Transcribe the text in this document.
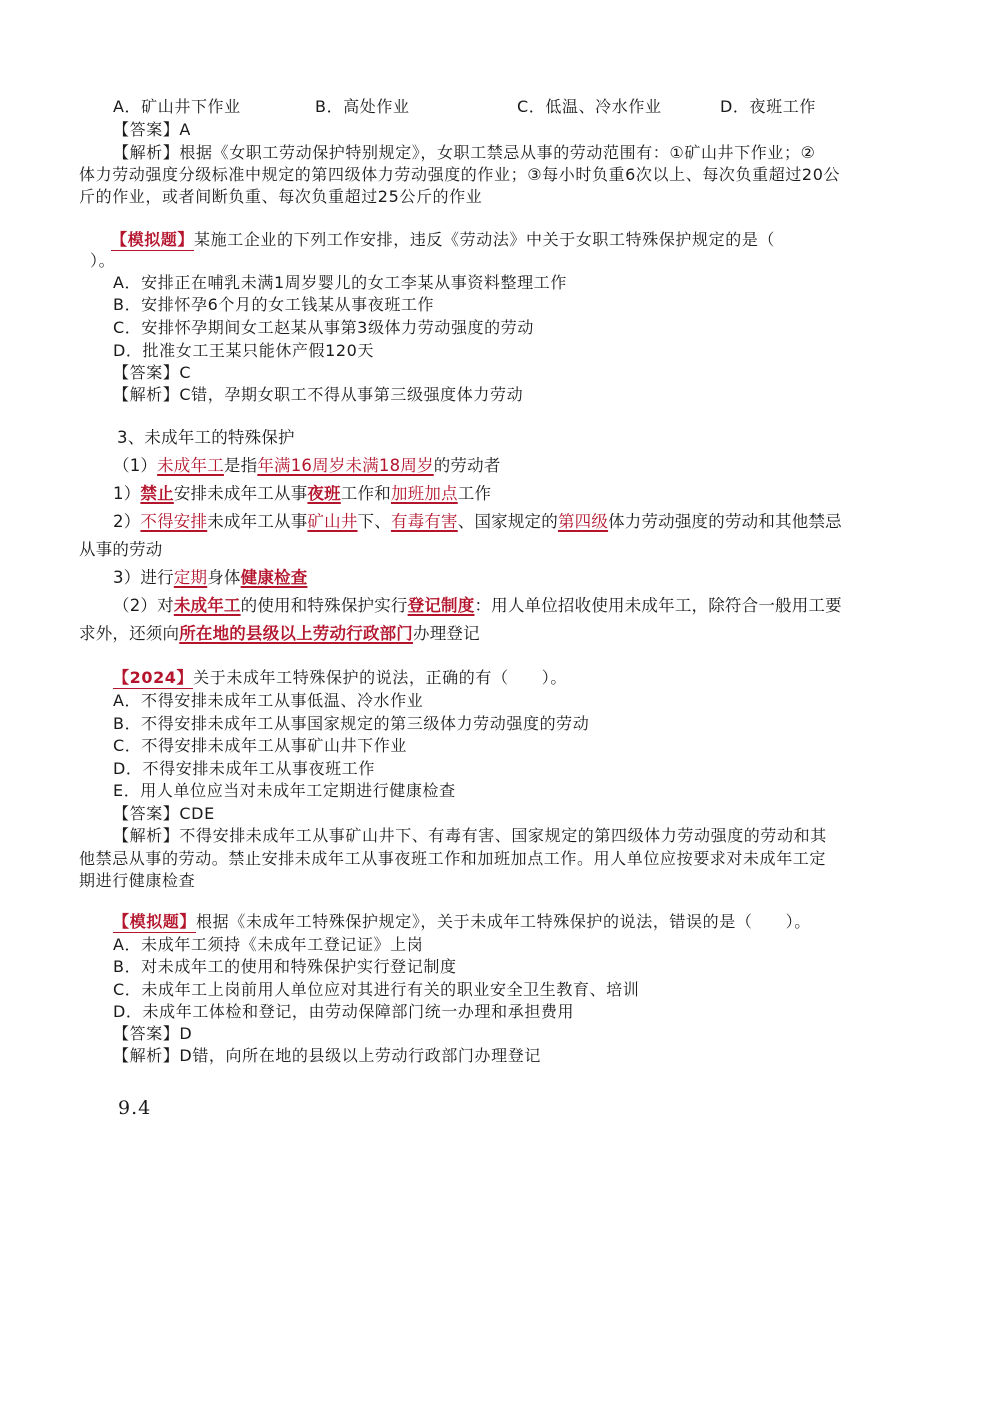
A．矿山井下作业	B．高处作业	C．低温、冷水作业	D．夜班工作
【答案】A
【解析】根据《女职工劳动保护特别规定》，女职工禁忌从事的劳动范围有：①矿山井下作业；②
体力劳动强度分级标准中规定的第四级体力劳动强度的作业；③每小时负重6次以上、每次负重超过20公
斤的作业，或者间断负重、每次负重超过25公斤的作业
【模拟题】某施工企业的下列工作安排，违反《劳动法》中关于女职工特殊保护规定的是（
）。
A．安排正在哺乳未满1周岁婴儿的女工李某从事资料整理工作
B．安排怀孕6个月的女工钱某从事夜班工作
C．安排怀孕期间女工赵某从事第3级体力劳动强度的劳动
D．批准女工王某只能休产假120天
【答案】C
【解析】C错，孕期女职工不得从事第三级强度体力劳动
3、未成年工的特殊保护
（1）未成年工是指年满16周岁未满18周岁的劳动者
1）禁止安排未成年工从事夜班工作和加班加点工作
2）不得安排未成年工从事矿山井下、有毒有害、国家规定的第四级体力劳动强度的劳动和其他禁忌
从事的劳动
3）进行定期身体健康检查
（2）对未成年工的使用和特殊保护实行登记制度：用人单位招收使用未成年工，除符合一般用工要
求外，还须向所在地的县级以上劳动行政部门办理登记
【2024】关于未成年工特殊保护的说法，正确的有（　　）。
A．不得安排未成年工从事低温、冷水作业
B．不得安排未成年工从事国家规定的第三级体力劳动强度的劳动
C．不得安排未成年工从事矿山井下作业
D．不得安排未成年工从事夜班工作
E．用人单位应当对未成年工定期进行健康检查
【答案】CDE
【解析】不得安排未成年工从事矿山井下、有毒有害、国家规定的第四级体力劳动强度的劳动和其
他禁忌从事的劳动。禁止安排未成年工从事夜班工作和加班加点工作。用人单位应按要求对未成年工定
期进行健康检查
【模拟题】根据《未成年工特殊保护规定》，关于未成年工特殊保护的说法，错误的是（　　）。
A．未成年工须持《未成年工登记证》上岗
B．对未成年工的使用和特殊保护实行登记制度
C．未成年工上岗前用人单位应对其进行有关的职业安全卫生教育、培训
D．未成年工体检和登记，由劳动保障部门统一办理和承担费用
【答案】D
【解析】D错，向所在地的县级以上劳动行政部门办理登记
9.4
